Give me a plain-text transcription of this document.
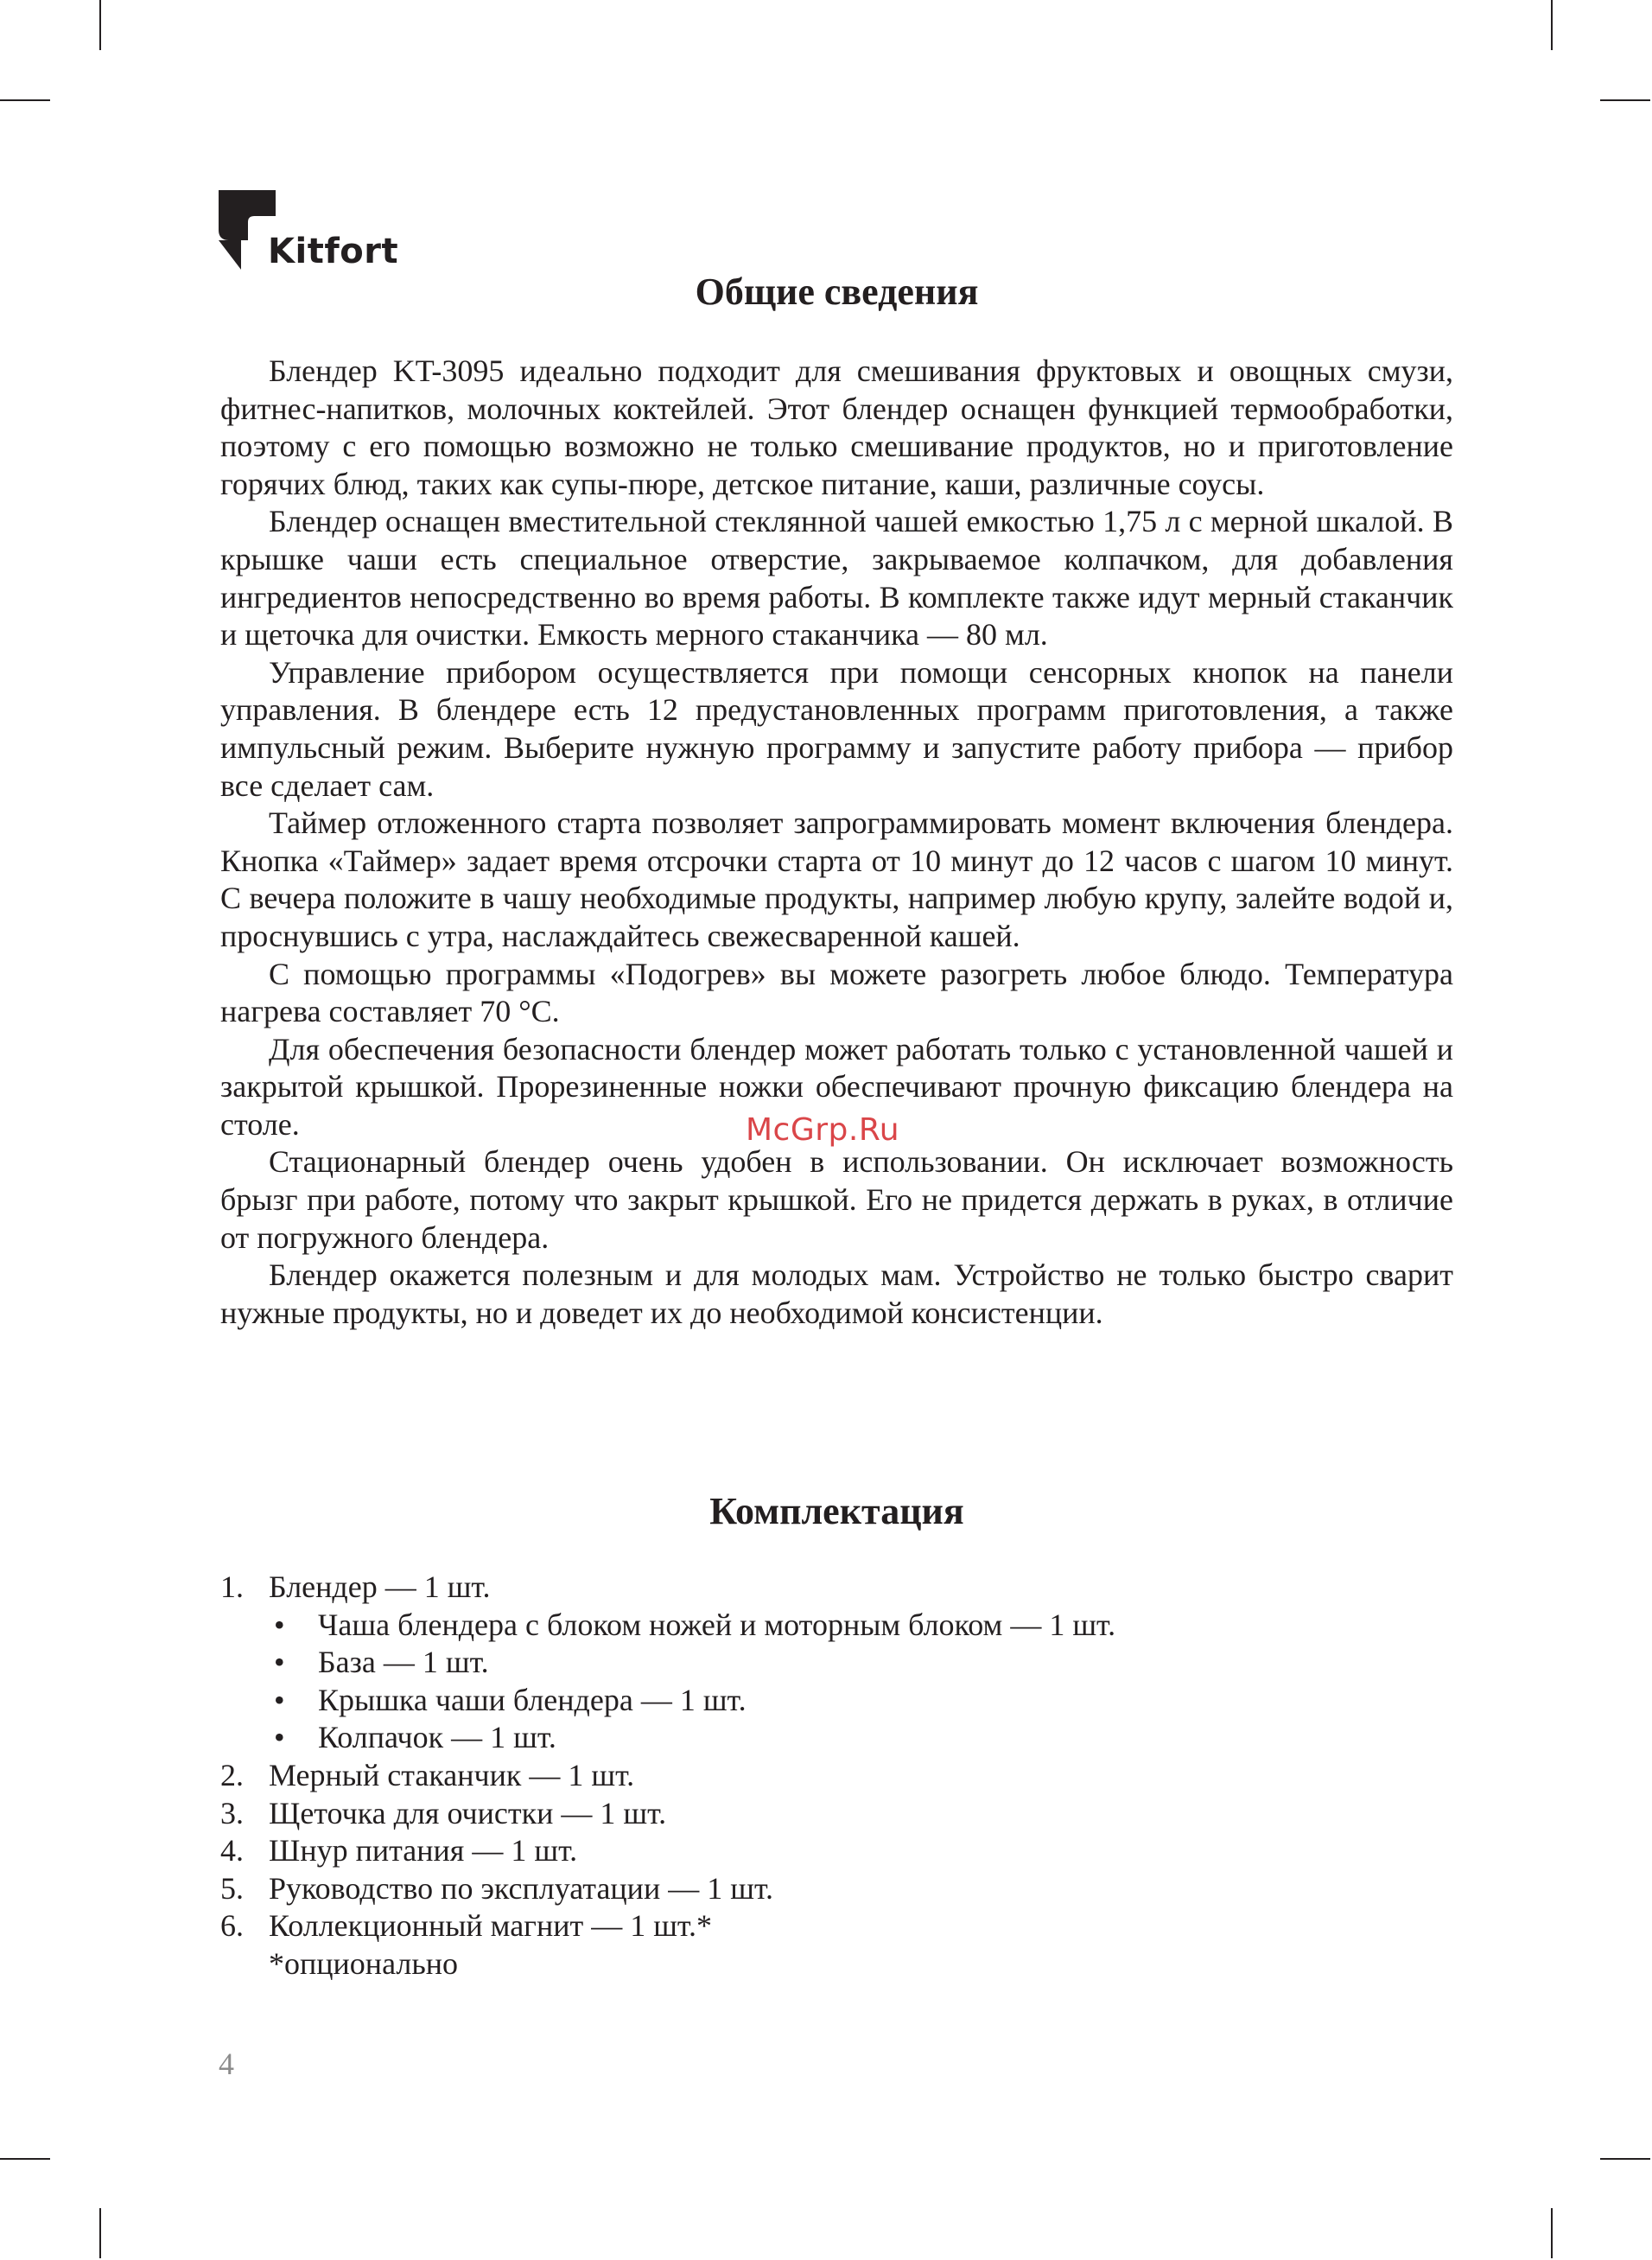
Kitfort
Общие сведения

Блендер KT-3095 идеально подходит для смешивания фруктовых и овощных смузи, фитнес-напитков, молочных коктейлей. Этот блендер оснащен функцией термообработки, поэтому с его помощью возможно не только смешивание продуктов, но и приготовление горячих блюд, таких как супы-пюре, детское питание, каши, различные соусы.

Блендер оснащен вместительной стеклянной чашей емкостью 1,75 л с мерной шкалой. В крышке чаши есть специальное отверстие, закрываемое колпачком, для добавления ингредиентов непосредственно во время работы. В комплекте также идут мерный стаканчик и щеточка для очистки. Емкость мерного стаканчика — 80 мл.

Управление прибором осуществляется при помощи сенсорных кнопок на панели управления. В блендере есть 12 предустановленных программ приготовления, а также импульсный режим. Выберите нужную программу и запустите работу прибора — прибор все сделает сам.

Таймер отложенного старта позволяет запрограммировать момент включения блендера. Кнопка «Таймер» задает время отсрочки старта от 10 минут до 12 часов с шагом 10 минут. С вечера положите в чашу необходимые продукты, например любую крупу, залейте водой и, проснувшись с утра, наслаждайтесь свежесваренной кашей.

С помощью программы «Подогрев» вы можете разогреть любое блюдо. Температура нагрева составляет 70 °С.

Для обеспечения безопасности блендер может работать только с установленной чашей и закрытой крышкой. Прорезиненные ножки обеспечивают прочную фиксацию блендера на столе.

Стационарный блендер очень удобен в использовании. Он исключает возможность брызг при работе, потому что закрыт крышкой. Его не придется держать в руках, в отличие от погружного блендера.

Блендер окажется полезным и для молодых мам. Устройство не только быстро сварит нужные продукты, но и доведет их до необходимой консистенции.

McGrp.Ru
Комплектация
1. Блендер — 1 шт.
• Чаша блендера с блоком ножей и моторным блоком — 1 шт.
• База — 1 шт.
• Крышка чаши блендера — 1 шт.
• Колпачок — 1 шт.
2. Мерный стаканчик — 1 шт.
3. Щеточка для очистки — 1 шт.
4. Шнур питания — 1 шт.
5. Руководство по эксплуатации — 1 шт.
6. Коллекционный магнит — 1 шт.*
*опционально
4
